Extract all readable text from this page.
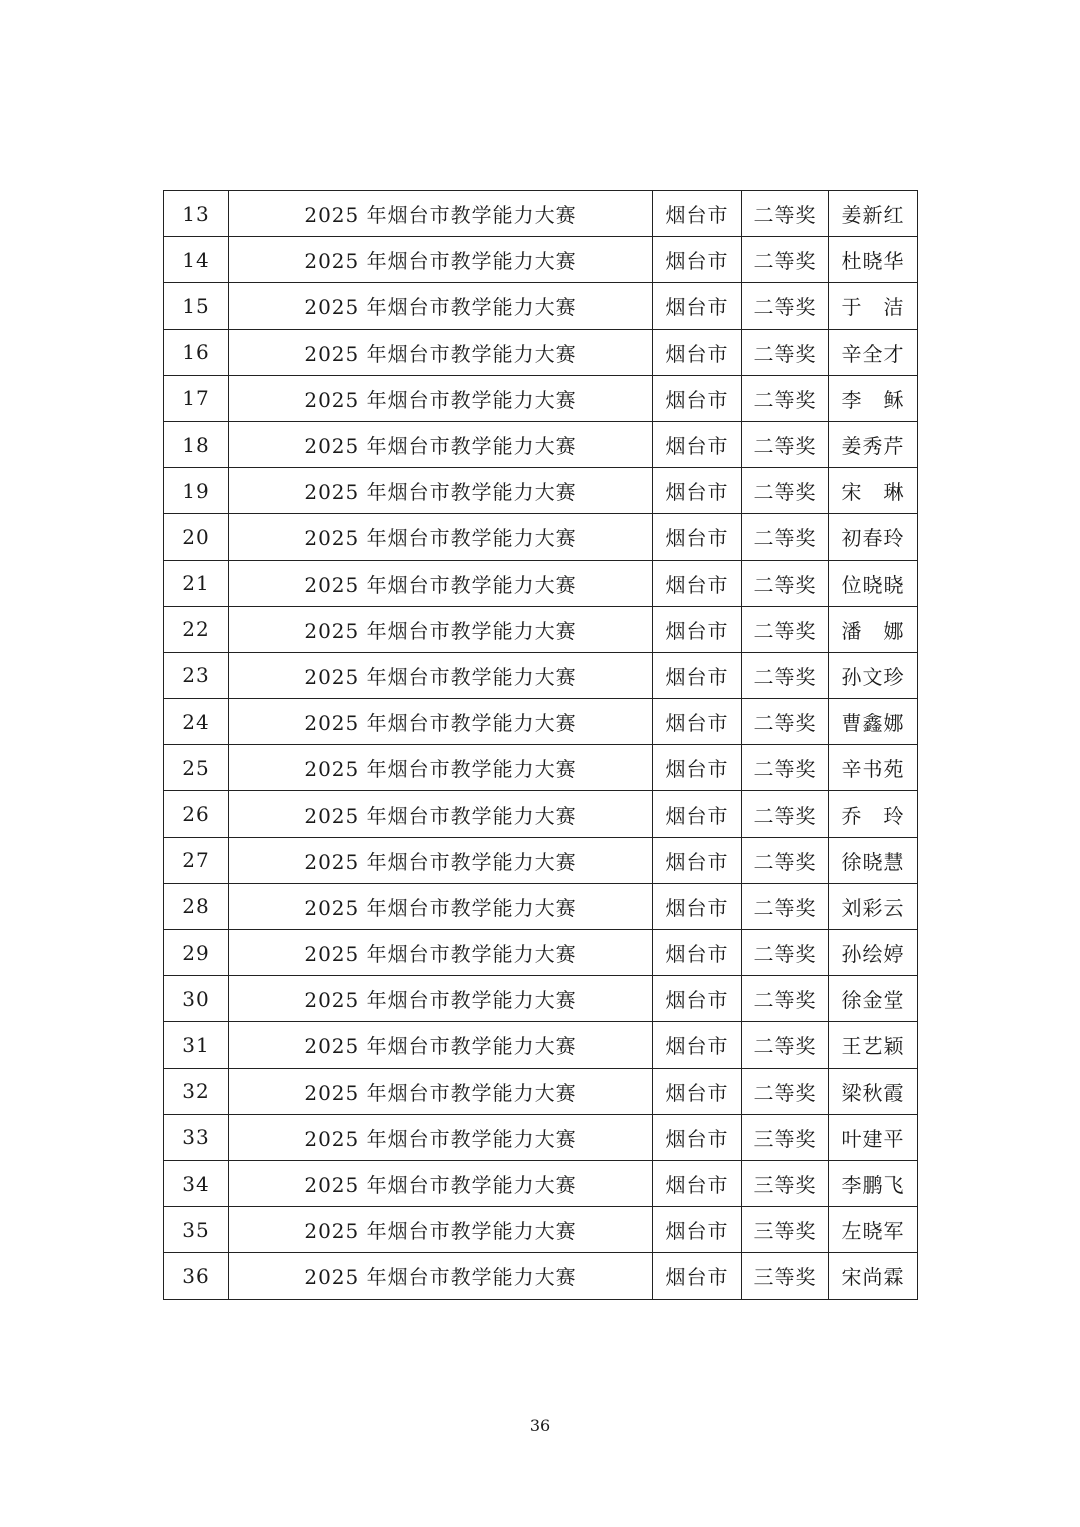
13	2025 年烟台市教学能力大赛	烟台市	二等奖	姜新红
14	2025 年烟台市教学能力大赛	烟台市	二等奖	杜晓华
15	2025 年烟台市教学能力大赛	烟台市	二等奖	于　洁
16	2025 年烟台市教学能力大赛	烟台市	二等奖	辛全才
17	2025 年烟台市教学能力大赛	烟台市	二等奖	李　稣
18	2025 年烟台市教学能力大赛	烟台市	二等奖	姜秀芹
19	2025 年烟台市教学能力大赛	烟台市	二等奖	宋　琳
20	2025 年烟台市教学能力大赛	烟台市	二等奖	初春玲
21	2025 年烟台市教学能力大赛	烟台市	二等奖	位晓晓
22	2025 年烟台市教学能力大赛	烟台市	二等奖	潘　娜
23	2025 年烟台市教学能力大赛	烟台市	二等奖	孙文珍
24	2025 年烟台市教学能力大赛	烟台市	二等奖	曹鑫娜
25	2025 年烟台市教学能力大赛	烟台市	二等奖	辛书苑
26	2025 年烟台市教学能力大赛	烟台市	二等奖	乔　玲
27	2025 年烟台市教学能力大赛	烟台市	二等奖	徐晓慧
28	2025 年烟台市教学能力大赛	烟台市	二等奖	刘彩云
29	2025 年烟台市教学能力大赛	烟台市	二等奖	孙绘婷
30	2025 年烟台市教学能力大赛	烟台市	二等奖	徐金堂
31	2025 年烟台市教学能力大赛	烟台市	二等奖	王艺颖
32	2025 年烟台市教学能力大赛	烟台市	二等奖	梁秋霞
33	2025 年烟台市教学能力大赛	烟台市	三等奖	叶建平
34	2025 年烟台市教学能力大赛	烟台市	三等奖	李鹏飞
35	2025 年烟台市教学能力大赛	烟台市	三等奖	左晓军
36	2025 年烟台市教学能力大赛	烟台市	三等奖	宋尚霖
36
